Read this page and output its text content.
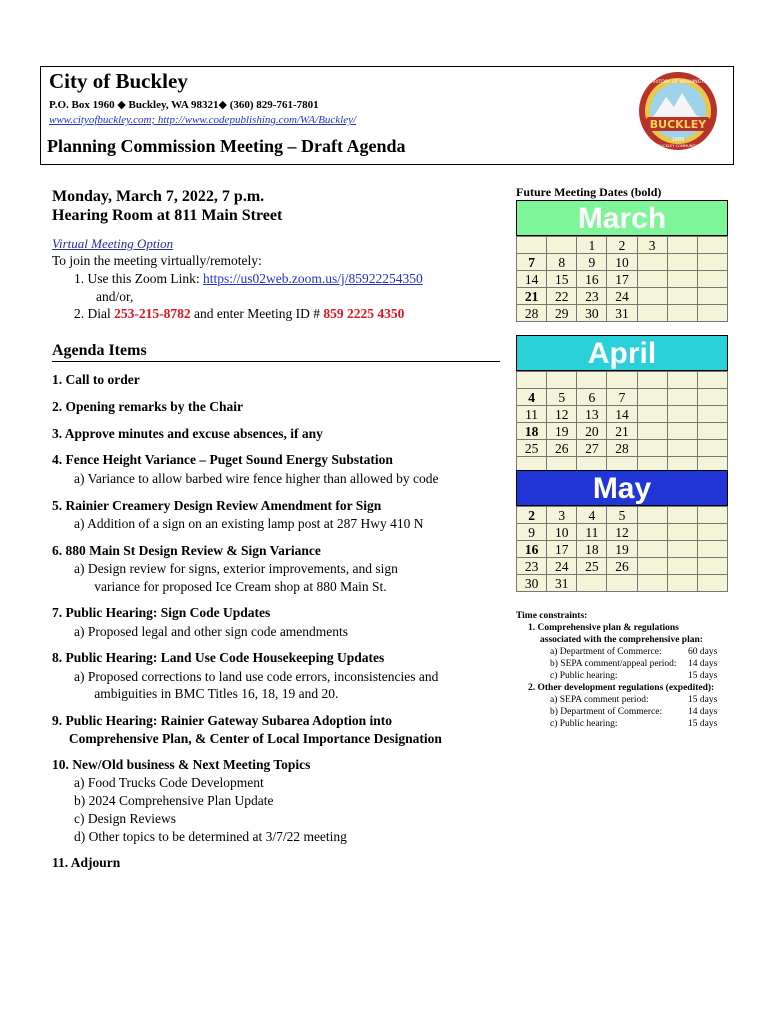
City of Buckley
P.O. Box 1960 ◆ Buckley, WA 98321◆ (360) 829-761-7801
www.cityofbuckley.com; http://www.codepublishing.com/WA/Buckley/
Planning Commission Meeting – Draft Agenda
BUCKLEY
1889
TERRITORY OF WASHINGTON
BUCKLEY COMMUNITY
Monday, March 7, 2022, 7 p.m.
Hearing Room at 811 Main Street
Virtual Meeting Option
To join the meeting virtually/remotely:
1. Use this Zoom Link: https://us02web.zoom.us/j/85922254350
and/or,
2. Dial 253-215-8782 and enter Meeting ID # 859 2225 4350
Agenda Items
1. Call to order
2. Opening remarks by the Chair
3. Approve minutes and excuse absences, if any
4. Fence Height Variance – Puget Sound Energy Substation
a) Variance to allow barbed wire fence higher than allowed by code
5. Rainier Creamery Design Review Amendment for Sign
a) Addition of a sign on an existing lamp post at 287 Hwy 410 N
6. 880 Main St Design Review & Sign Variance
a) Design review for signs, exterior improvements, and sign
variance for proposed Ice Cream shop at 880 Main St.
7. Public Hearing: Sign Code Updates
a) Proposed legal and other sign code amendments
8. Public Hearing: Land Use Code Housekeeping Updates
a) Proposed corrections to land use code errors, inconsistencies and
ambiguities in BMC Titles 16, 18, 19 and 20.
9. Public Hearing: Rainier Gateway Subarea Adoption into
Comprehensive Plan, & Center of Local Importance Designation
10. New/Old business & Next Meeting Topics
a) Food Trucks Code Development
b) 2024 Comprehensive Plan Update
c) Design Reviews
d) Other topics to be determined at 3/7/22 meeting
11. Adjourn
Future Meeting Dates (bold)
March
		1	2	3		
7	8	9	10			
14	15	16	17			
21	22	23	24			
28	29	30	31			
April

4	5	6	7			
11	12	13	14			
18	19	20	21			
25	26	27	28			

May
2	3	4	5			
9	10	11	12			
16	17	18	19			
23	24	25	26			
30	31					
Time constraints:
1. Comprehensive plan & regulations
associated with the comprehensive plan:
a) Department of Commerce:	60 days
b) SEPA comment/appeal period: 14 days
c) Public hearing:	15 days
2. Other development regulations (expedited):
a) SEPA comment period:	15 days
b) Department of Commerce:	14 days
c) Public hearing:	15 days
